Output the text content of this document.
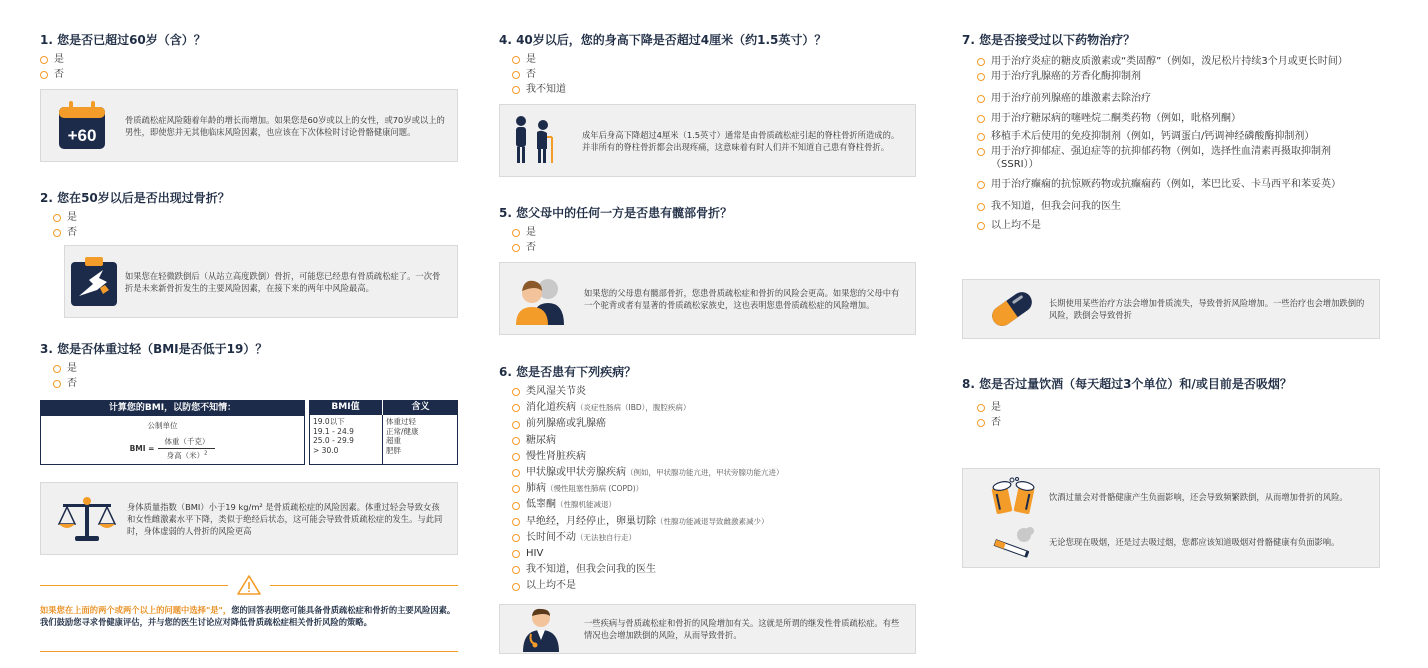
1. 您是否已超过60岁（含）？
是
否
+60
骨质疏松症风险随着年龄的增长而增加。如果您是60岁或以上的女性，或70岁或以上的男性，即使您并无其他临床风险因素，也应该在下次体检时讨论骨骼健康问题。
2. 您在50岁以后是否出现过骨折？
是
否
如果您在轻微跌倒后（从站立高度跌倒）骨折，可能您已经患有骨质疏松症了。一次骨折是未来新骨折发生的主要风险因素，在接下来的两年中风险最高。
3. 您是否体重过轻（BMI是否低于19）？
是
否
计算您的BMI，以防您不知情：
公制单位
BMI =
体重（千克）
身高（米）$^2$
BMI值	含义
19.0以下
19.1 - 24.9
25.0 - 29.9
> 30.0
体重过轻
正常/健康
超重
肥胖
身体质量指数（BMI）小于19 kg/m² 是骨质疏松症的风险因素。体重过轻会导致女孩和女性雌激素水平下降，类似于绝经后状态，这可能会导致骨质疏松症的发生。与此同时，身体虚弱的人骨折的风险更高
如果您在上面的两个或两个以上的问题中选择"是"，您的回答表明您可能具备骨质疏松症和骨折的主要风险因素。我们鼓励您寻求骨健康评估，并与您的医生讨论应对降低骨质疏松症相关骨折风险的策略。
4. 40岁以后，您的身高下降是否超过4厘米（约1.5英寸）？
是
否
我不知道
成年后身高下降超过4厘米（1.5英寸）通常是由骨质疏松症引起的脊柱骨折所造成的。并非所有的脊柱骨折都会出现疼痛，这意味着有时人们并不知道自己患有脊柱骨折。
5. 您父母中的任何一方是否患有髋部骨折？
是
否
如果您的父母患有髋部骨折，您患骨质疏松症和骨折的风险会更高。如果您的父母中有一个驼背或者有显著的骨质疏松家族史，这也表明您患骨质疏松症的风险增加。
6. 您是否患有下列疾病？
类风湿关节炎
消化道疾病 （炎症性肠病（IBD），腹腔疾病）
前列腺癌或乳腺癌
糖尿病
慢性肾脏疾病
甲状腺或甲状旁腺疾病 （例如，甲状腺功能亢进，甲状旁腺功能亢进）
肺病 （慢性阻塞性肺病 (COPD)）
低睾酮 （性腺机能减退）
早绝经，月经停止，卵巢切除 （性腺功能减退导致雌激素减少）
长时间不动 （无法独自行走）
HIV
我不知道，但我会问我的医生
以上均不是
一些疾病与骨质疏松症和骨折的风险增加有关。这就是所谓的继发性骨质疏松症。有些情况也会增加跌倒的风险，从而导致骨折。
7. 您是否接受过以下药物治疗？
用于治疗炎症的糖皮质激素或“类固醇”（例如，泼尼松片持续3个月或更长时间）
用于治疗乳腺癌的芳香化酶抑制剂
用于治疗前列腺癌的雄激素去除治疗
用于治疗糖尿病的噻唑烷二酮类药物（例如，吡格列酮）
移植手术后使用的免疫抑制剂（例如，钙调蛋白/钙调神经磷酸酶抑制剂）
用于治疗抑郁症、强迫症等的抗抑郁药物（例如，选择性血清素再摄取抑制剂（SSRI））
用于治疗癫痫的抗惊厥药物或抗癫痫药（例如，苯巴比妥、卡马西平和苯妥英）
我不知道，但我会问我的医生
以上均不是
长期使用某些治疗方法会增加骨质流失，导致骨折风险增加。一些治疗也会增加跌倒的风险，跌倒会导致骨折
8. 您是否过量饮酒（每天超过3个单位）和/或目前是否吸烟？
是
否
饮酒过量会对骨骼健康产生负面影响，还会导致频繁跌倒，从而增加骨折的风险。
无论您现在吸烟，还是过去吸过烟，您都应该知道吸烟对骨骼健康有负面影响。
